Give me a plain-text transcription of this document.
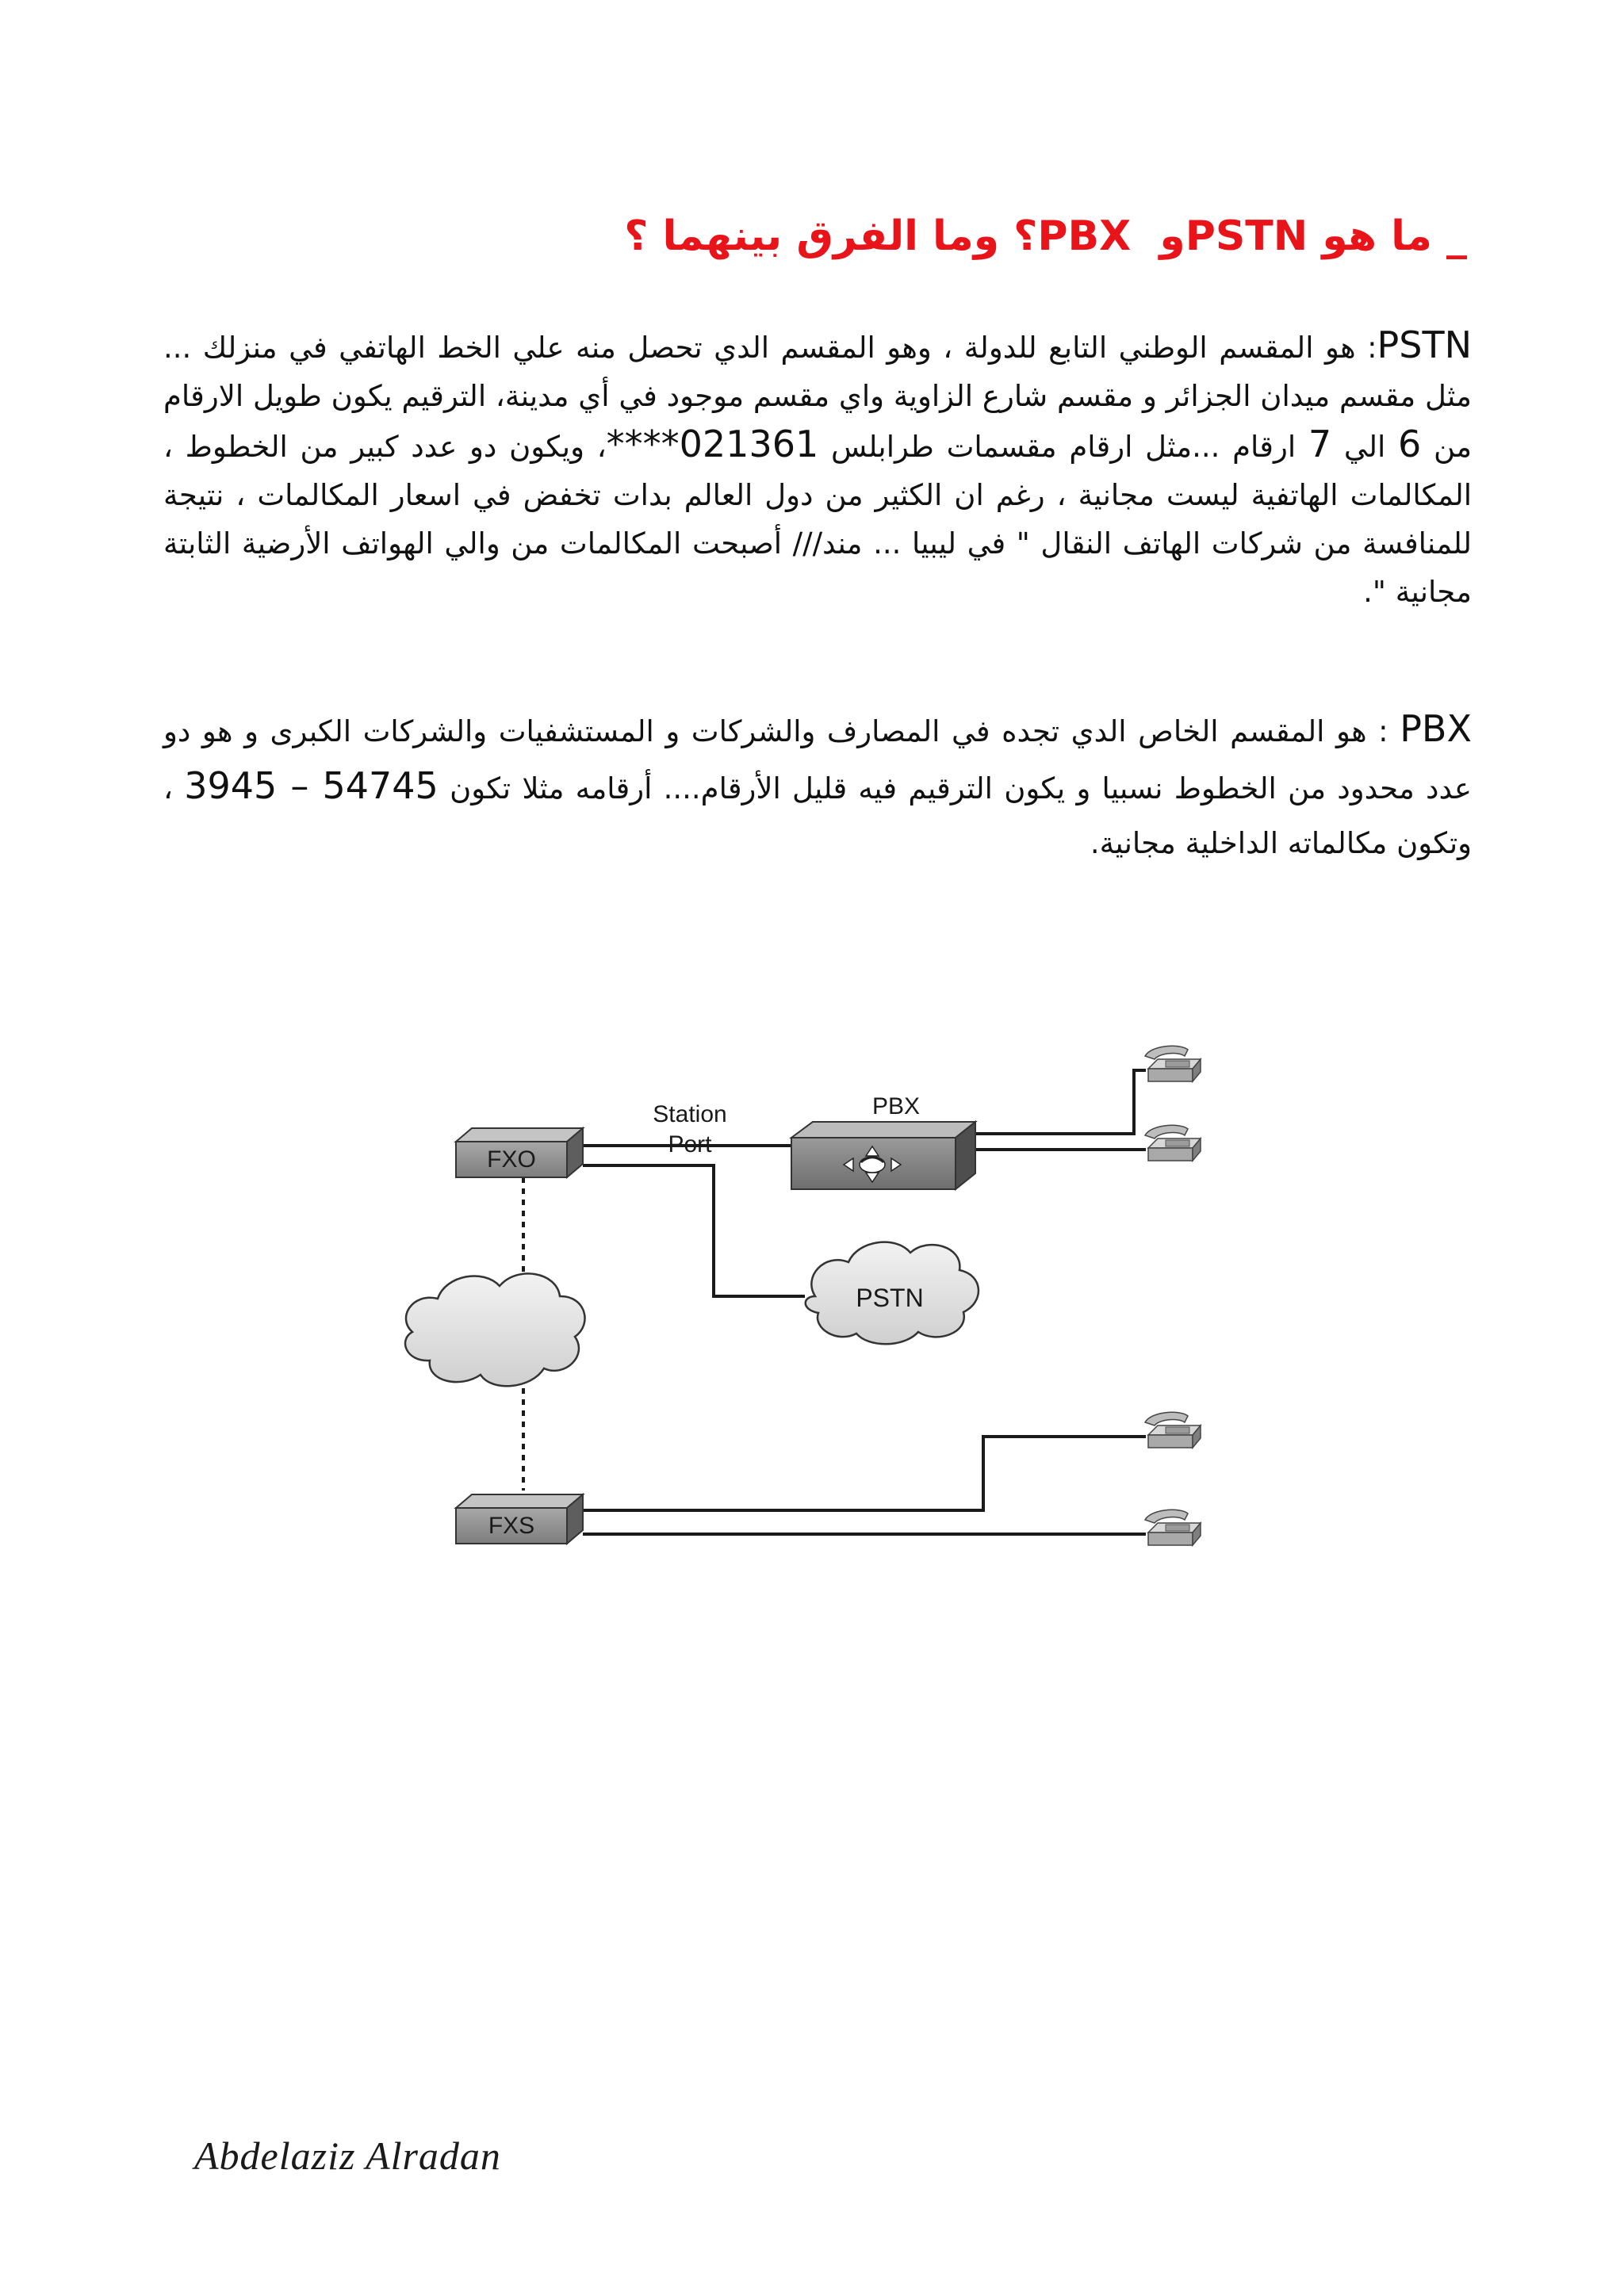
_ ما هو PSTNو  PBX؟ وما الفرق بينهما ؟

PSTN: هو المقسم الوطني التابع للدولة ، وهو المقسم الدي تحصل منه علي الخط الهاتفي في منزلك ... مثل مقسم ميدان الجزائر و مقسم شارع الزاوية واي مقسم موجود في أي مدينة، الترقيم يكون طويل الارقام من 6 الي 7 ارقام ...مثل ارقام مقسمات طرابلس ****021361، ويكون دو عدد كبير من الخطوط ، المكالمات الهاتفية ليست مجانية ، رغم ان الكثير من دول العالم بدات تخفض في اسعار المكالمات ، نتيجة للمنافسة من شركات الهاتف النقال " في ليبيا ... مند/// أصبحت المكالمات من والي الهواتف الأرضية الثابتة مجانية ".

PBX : هو المقسم الخاص الدي تجده في المصارف والشركات و المستشفيات والشركات الكبرى و هو دو عدد محدود من الخطوط نسبيا و يكون الترقيم فيه قليل الأرقام.... أرقامه مثلا تكون 3945 – 54745 ، وتكون مكالماته الداخلية مجانية.

FXO
FXS
Station
Port
PBX
PSTN

Abdelaziz Alradan
